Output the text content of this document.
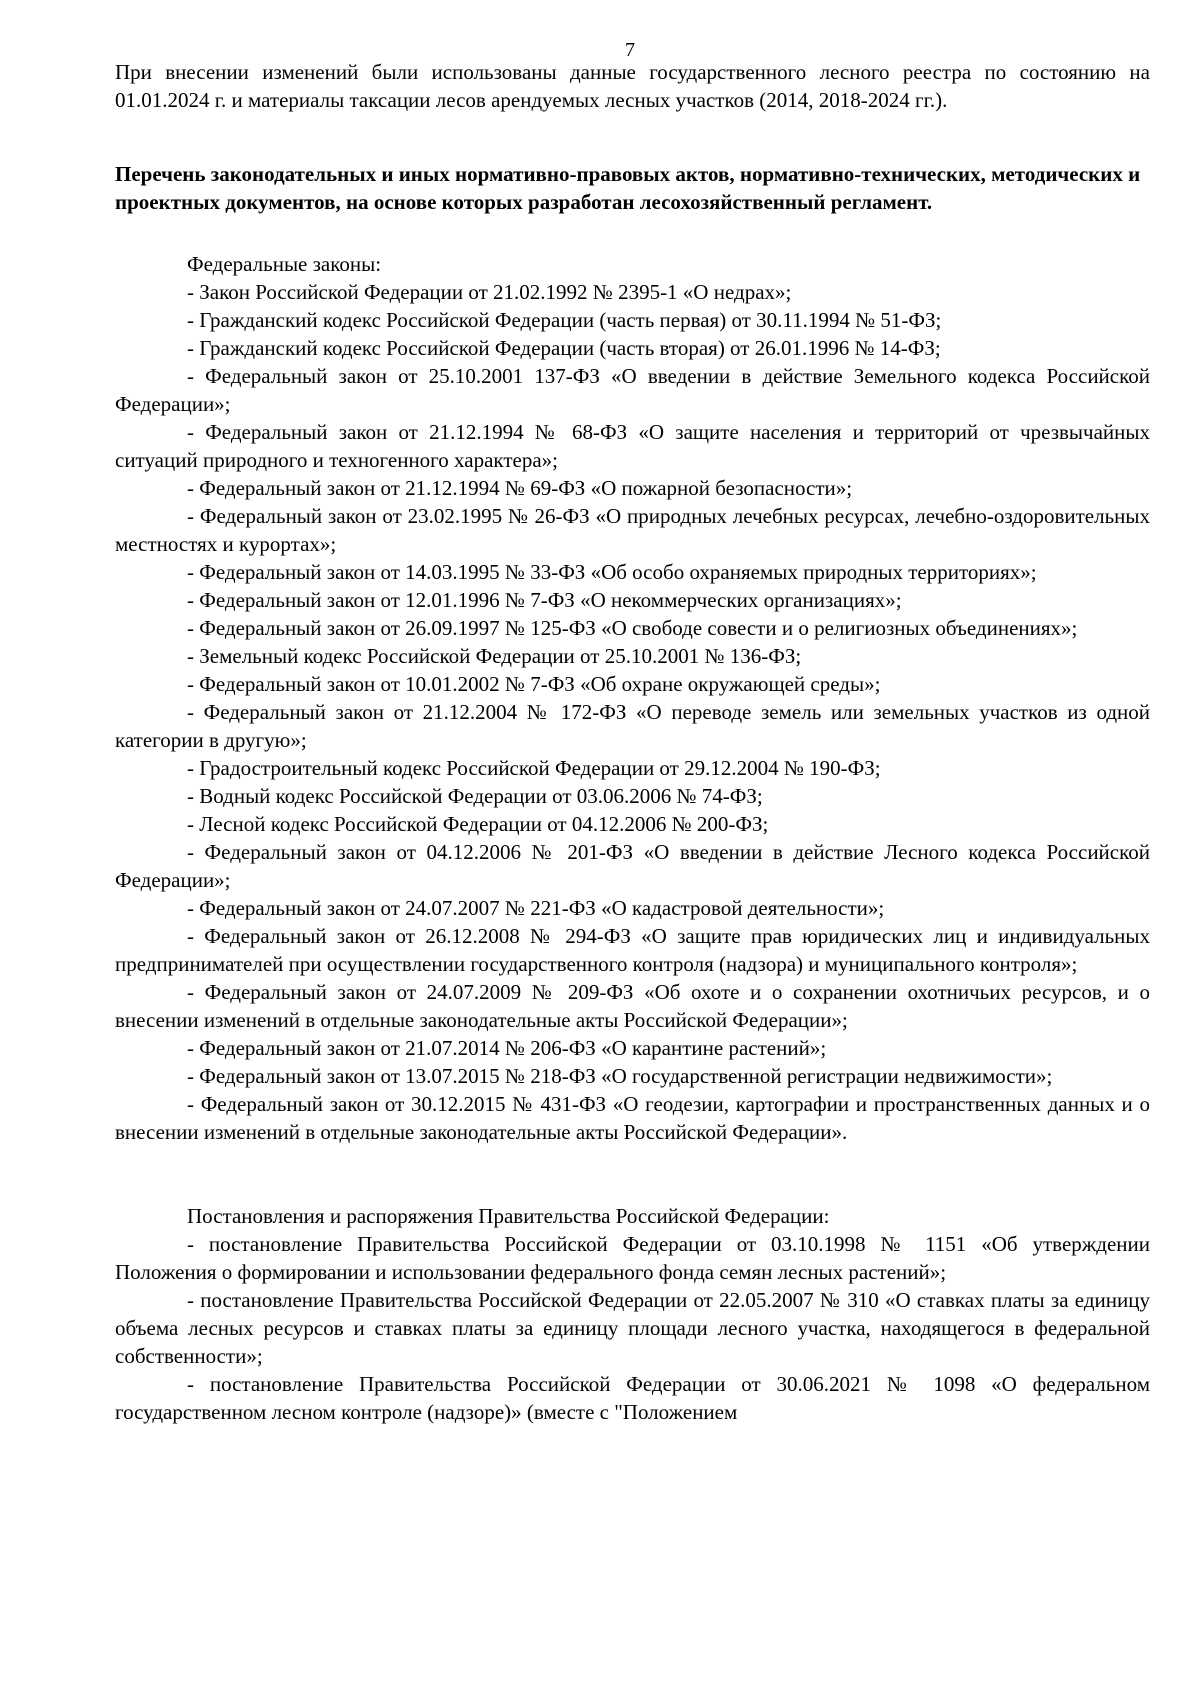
7

При внесении изменений были использованы данные государственного лесного реестра по состоянию на 01.01.2024 г. и материалы таксации лесов арендуемых лесных участков (2014, 2018-2024 гг.).

Перечень законодательных и иных нормативно-правовых актов, нормативно-технических, методических и проектных документов, на основе которых разработан лесохозяйственный регламент.

Федеральные законы:

- Закон Российской Федерации от 21.02.1992 № 2395-1 «О недрах»;

- Гражданский кодекс Российской Федерации (часть первая) от 30.11.1994 № 51-ФЗ;

- Гражданский кодекс Российской Федерации (часть вторая) от 26.01.1996 № 14-ФЗ;

- Федеральный закон от 25.10.2001 137-ФЗ «О введении в действие Земельного кодекса Российской Федерации»;

- Федеральный закон от 21.12.1994 № 68-ФЗ «О защите населения и территорий от чрезвычайных ситуаций природного и техногенного характера»;

- Федеральный закон от 21.12.1994 № 69-ФЗ «О пожарной безопасности»;

- Федеральный закон от 23.02.1995 № 26-ФЗ «О природных лечебных ресурсах, лечебно-оздоровительных местностях и курортах»;

- Федеральный закон от 14.03.1995 № 33-ФЗ «Об особо охраняемых природных территориях»;

- Федеральный закон от 12.01.1996 № 7-ФЗ «О некоммерческих организациях»;

- Федеральный закон от 26.09.1997 № 125-ФЗ «О свободе совести и о религиозных объединениях»;

- Земельный кодекс Российской Федерации от 25.10.2001 № 136-ФЗ;

- Федеральный закон от 10.01.2002 № 7-ФЗ «Об охране окружающей среды»;

- Федеральный закон от 21.12.2004 № 172-ФЗ «О переводе земель или земельных участков из одной категории в другую»;

- Градостроительный кодекс Российской Федерации от 29.12.2004 № 190-ФЗ;

- Водный кодекс Российской Федерации от 03.06.2006 № 74-ФЗ;

- Лесной кодекс Российской Федерации от 04.12.2006 № 200-ФЗ;

- Федеральный закон от 04.12.2006 № 201-ФЗ «О введении в действие Лесного кодекса Российской Федерации»;

- Федеральный закон от 24.07.2007 № 221-ФЗ «О кадастровой деятельности»;

- Федеральный закон от 26.12.2008 № 294-ФЗ «О защите прав юридических лиц и индивидуальных предпринимателей при осуществлении государственного контроля (надзора) и муниципального контроля»;

- Федеральный закон от 24.07.2009 № 209-ФЗ «Об охоте и о сохранении охотничьих ресурсов, и о внесении изменений в отдельные законодательные акты Российской Федерации»;

- Федеральный закон от 21.07.2014 № 206-ФЗ «О карантине растений»;

- Федеральный закон от 13.07.2015 № 218-ФЗ «О государственной регистрации недвижимости»;

- Федеральный закон от 30.12.2015 № 431-ФЗ «О геодезии, картографии и пространственных данных и о внесении изменений в отдельные законодательные акты Российской Федерации».

Постановления и распоряжения Правительства Российской Федерации:

- постановление Правительства Российской Федерации от 03.10.1998 № 1151 «Об утверждении Положения о формировании и использовании федерального фонда семян лесных растений»;

- постановление Правительства Российской Федерации от 22.05.2007 № 310 «О ставках платы за единицу объема лесных ресурсов и ставках платы за единицу площади лесного участка, находящегося в федеральной собственности»;

- постановление Правительства Российской Федерации от 30.06.2021 № 1098 «О федеральном государственном лесном контроле (надзоре)» (вместе с "Положением
